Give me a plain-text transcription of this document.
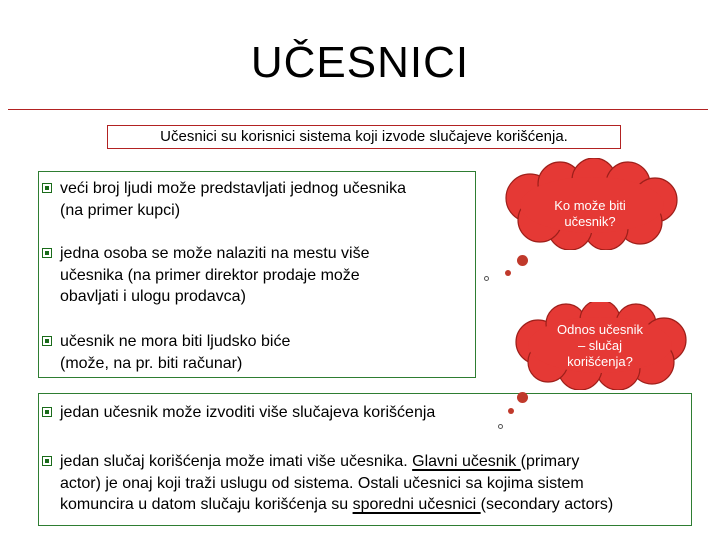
UČESNICI
Učesnici su korisnici sistema koji izvode slučajeve korišćenja.
veći broj ljudi može predstavljati jednog učesnika
(na primer kupci)
jedna osoba se može nalaziti na mestu više
učesnika (na primer direktor prodaje može
obavljati i ulogu prodavca)
učesnik ne mora biti ljudsko biće
(može, na pr. biti računar)
jedan učesnik može izvoditi više slučajeva korišćenja
jedan slučaj korišćenja može imati više učesnika. Glavni učesnik (primary
actor) je onaj koji traži uslugu od sistema. Ostali učesnici sa kojima sistem
komuncira u datom slučaju korišćenja su sporedni učesnici (secondary actors)
Ko može biti
učesnik?
Odnos učesnik
– slučaj
korišćenja?
